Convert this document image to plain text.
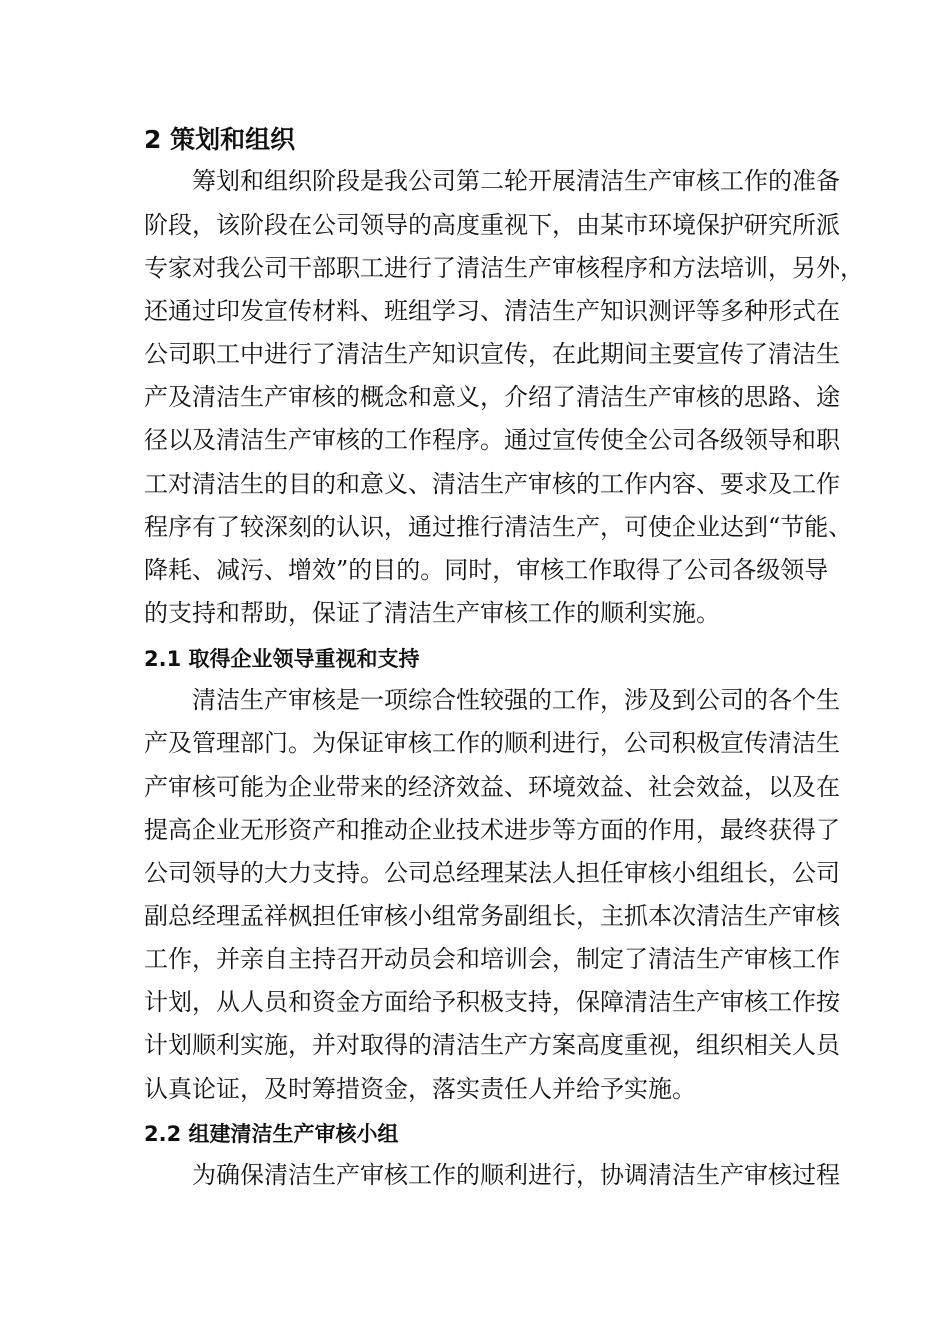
2 策划和组织
筹划和组织阶段是我公司第二轮开展清洁生产审核工作的准备
阶段，该阶段在公司领导的高度重视下，由某市环境保护研究所派
专家对我公司干部职工进行了清洁生产审核程序和方法培训，另外，
还通过印发宣传材料、班组学习、清洁生产知识测评等多种形式在
公司职工中进行了清洁生产知识宣传，在此期间主要宣传了清洁生
产及清洁生产审核的概念和意义，介绍了清洁生产审核的思路、途
径以及清洁生产审核的工作程序。通过宣传使全公司各级领导和职
工对清洁生的目的和意义、清洁生产审核的工作内容、要求及工作
程序有了较深刻的认识，通过推行清洁生产，可使企业达到“节能、
降耗、减污、增效”的目的。同时，审核工作取得了公司各级领导
的支持和帮助，保证了清洁生产审核工作的顺利实施。
2.1 取得企业领导重视和支持
清洁生产审核是一项综合性较强的工作，涉及到公司的各个生
产及管理部门。为保证审核工作的顺利进行，公司积极宣传清洁生
产审核可能为企业带来的经济效益、环境效益、社会效益，以及在
提高企业无形资产和推动企业技术进步等方面的作用，最终获得了
公司领导的大力支持。公司总经理某法人担任审核小组组长，公司
副总经理孟祥枫担任审核小组常务副组长，主抓本次清洁生产审核
工作，并亲自主持召开动员会和培训会，制定了清洁生产审核工作
计划，从人员和资金方面给予积极支持，保障清洁生产审核工作按
计划顺利实施，并对取得的清洁生产方案高度重视，组织相关人员
认真论证，及时筹措资金，落实责任人并给予实施。
2.2 组建清洁生产审核小组
为确保清洁生产审核工作的顺利进行，协调清洁生产审核过程
